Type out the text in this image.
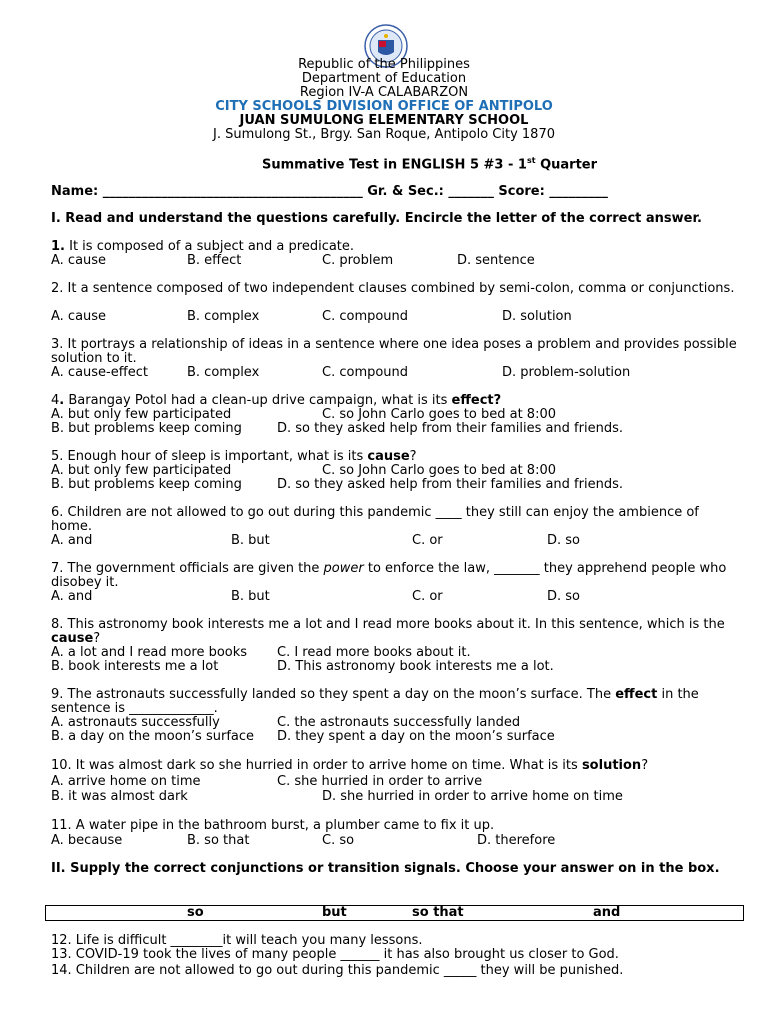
Republic of the Philippines
Department of Education
Region IV-A CALABARZON
CITY SCHOOLS DIVISION OFFICE OF ANTIPOLO
JUAN SUMULONG ELEMENTARY SCHOOL
J. Sumulong St., Brgy. San Roque, Antipolo City 1870
Summative Test in ENGLISH 5 #3 - 1st Quarter
Name: ________________________________________ Gr. & Sec.: _______ Score: _________
I. Read and understand the questions carefully. Encircle the letter of the correct answer.
1. It is composed of a subject and a predicate.
A. cause	B. effect	C. problem	D. sentence
2. It a sentence composed of two independent clauses combined by semi-colon, comma or conjunctions.
A. cause	B. complex	C. compound	D. solution
3. It portrays a relationship of ideas in a sentence where one idea poses a problem and provides possible solution to it.
A. cause-effect	B. complex	C. compound	D. problem-solution
4. Barangay Potol had a clean-up drive campaign, what is its effect?
A. but only few participated	C. so John Carlo goes to bed at 8:00
B. but problems keep coming	D. so they asked help from their families and friends.
5. Enough hour of sleep is important, what is its cause?
A. but only few participated	C. so John Carlo goes to bed at 8:00
B. but problems keep coming	D. so they asked help from their families and friends.
6. Children are not allowed to go out during this pandemic ____ they still can enjoy the ambience of home.
A. and	B. but	C. or	D. so
7. The government officials are given the power to enforce the law, _______ they apprehend people who disobey it.
A. and	B. but	C. or	D. so
8. This astronomy book interests me a lot and I read more books about it. In this sentence, which is the cause?
A. a lot and I read more books C. I read more books about it.
B. book interests me a lot	D. This astronomy book interests me a lot.
9. The astronauts successfully landed so they spent a day on the moon’s surface. The effect in the sentence is _____________.
A. astronauts successfully	C. the astronauts successfully landed
B. a day on the moon’s surface D. they spent a day on the moon’s surface
10. It was almost dark so she hurried in order to arrive home on time. What is its solution?
A. arrive home on time	C. she hurried in order to arrive
B. it was almost dark	D. she hurried in order to arrive home on time
11. A water pipe in the bathroom burst, a plumber came to fix it up.
A. because	B. so that	C. so	D. therefore
II. Supply the correct conjunctions or transition signals. Choose your answer on in the box.
so	but	so that	and
12. Life is difficult ________it will teach you many lessons.
13. COVID-19 took the lives of many people ______ it has also brought us closer to God.
14. Children are not allowed to go out during this pandemic _____ they will be punished.
